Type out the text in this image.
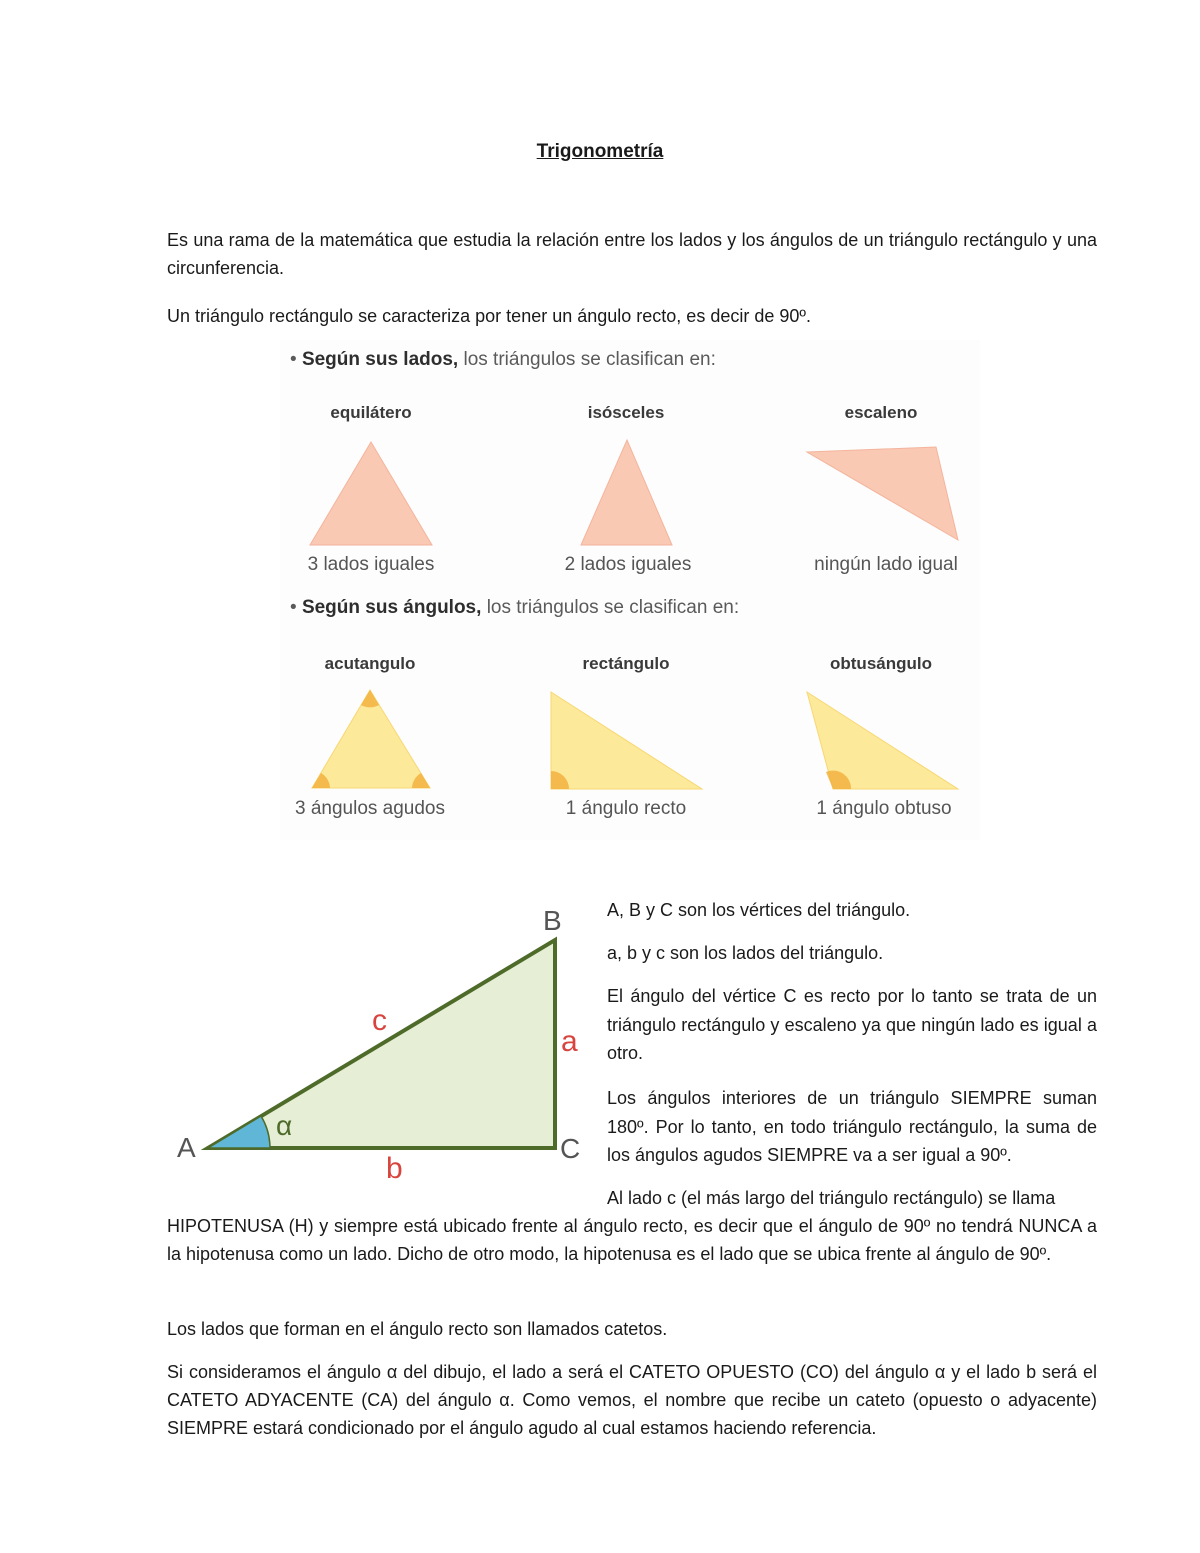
Trigonometría

Es una rama de la matemática que estudia la relación entre los lados y los ángulos de un triángulo rectángulo y una circunferencia.

Un triángulo rectángulo se caracteriza por tener un ángulo recto, es decir de 90º.

• Según sus lados, los triángulos se clasifican en:
equilátero	isósceles	escaleno
3 lados iguales	2 lados iguales	ningún lado igual
• Según sus ángulos, los triángulos se clasifican en:
acutangulo	rectángulo	obtusángulo
3 ángulos agudos	1 ángulo recto	1 ángulo obtuso
A
B
C
a
b
c
α

A, B y C son los vértices del triángulo.

a, b y c son los lados del triángulo.

El ángulo del vértice C es recto por lo tanto se trata de un triángulo rectángulo y escaleno ya que ningún lado es igual a otro.

Los ángulos interiores de un triángulo SIEMPRE suman 180º. Por lo tanto, en todo triángulo rectángulo, la suma de los ángulos agudos SIEMPRE va a ser igual a 90º.

Al lado c (el más largo del triángulo rectángulo) se llama

HIPOTENUSA (H) y siempre está ubicado frente al ángulo recto, es decir que el ángulo de 90º no tendrá NUNCA a la hipotenusa como un lado. Dicho de otro modo, la hipotenusa es el lado que se ubica frente al ángulo de 90º.

Los lados que forman en el ángulo recto son llamados catetos.

Si consideramos el ángulo α del dibujo, el lado a será el CATETO OPUESTO (CO) del ángulo α y el lado b será el CATETO ADYACENTE (CA) del ángulo α. Como vemos, el nombre que recibe un cateto (opuesto o adyacente) SIEMPRE estará condicionado por el ángulo agudo al cual estamos haciendo referencia.
